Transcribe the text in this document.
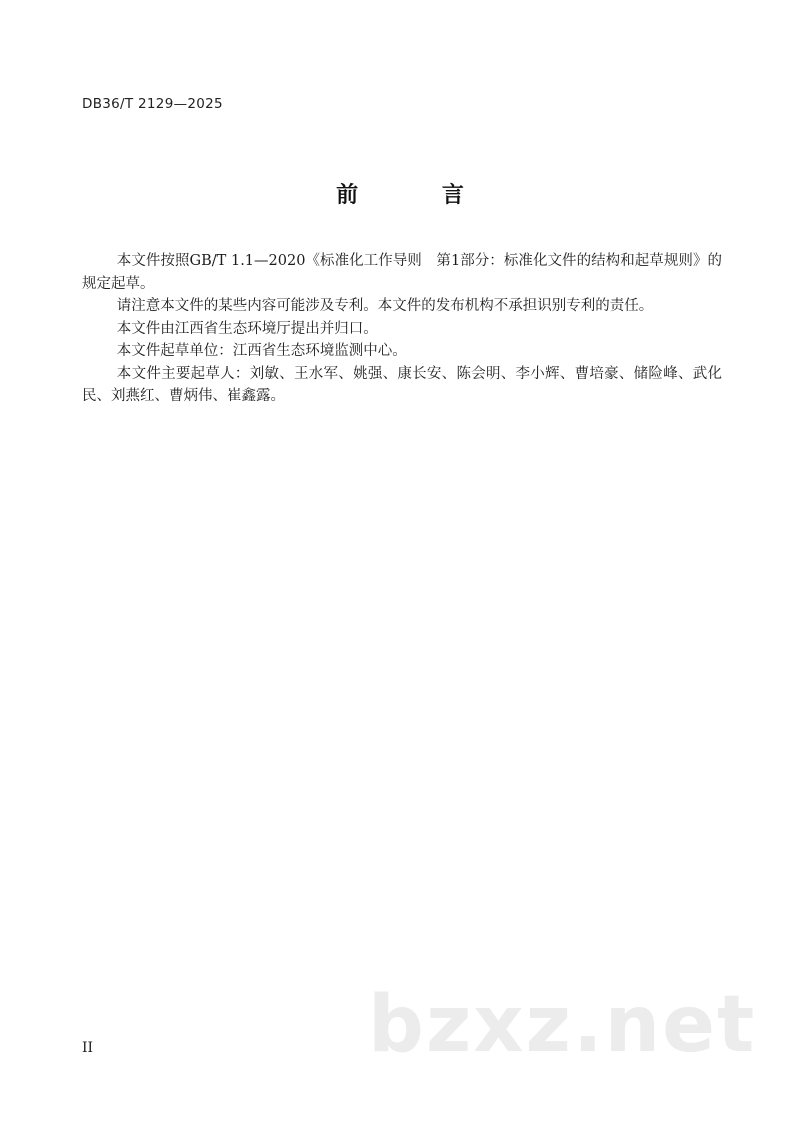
DB36/T 2129—2025
前 言

本文件按照GB/T 1.1—2020《标准化工作导则　第1部分：标准化文件的结构和起草规则》的规定起草。

请注意本文件的某些内容可能涉及专利。本文件的发布机构不承担识别专利的责任。

本文件由江西省生态环境厅提出并归口。

本文件起草单位：江西省生态环境监测中心。

本文件主要起草人：刘敏、王水军、姚强、康长安、陈会明、李小辉、曹培豪、储险峰、武化民、刘燕红、曹炳伟、崔鑫露。

II	bzxz.net
